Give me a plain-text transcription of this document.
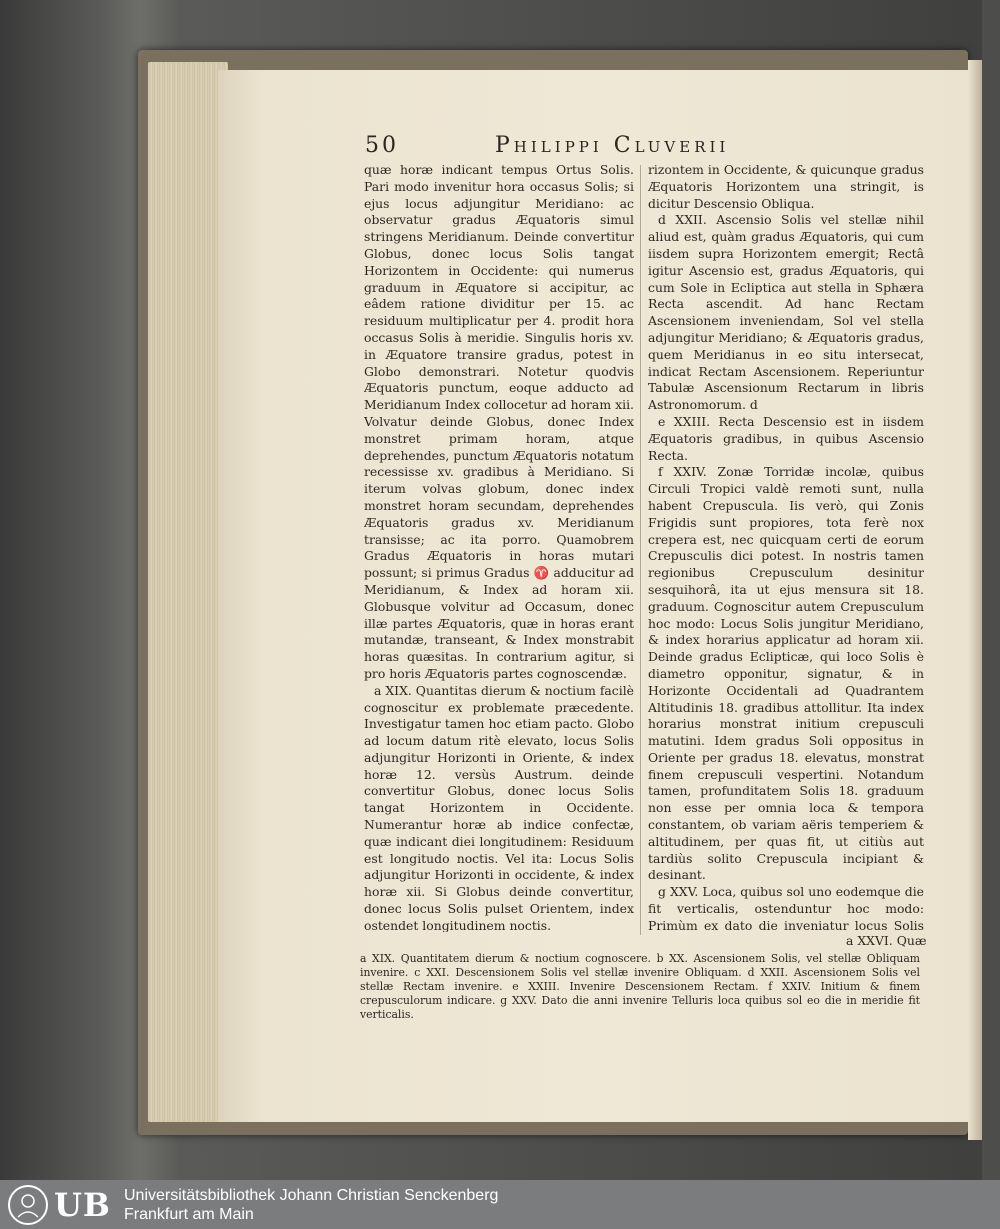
50	Philippi Cluverii

quæ horæ indicant tempus Ortus Solis. Pari modo invenitur hora occasus Solis; si ejus locus adjungitur Meridiano: ac observatur gradus Æquatoris simul stringens Meridianum. Deinde convertitur Globus, donec locus Solis tangat Horizontem in Occidente: qui numerus graduum in Æquatore si accipitur, ac eâdem ratione dividitur per 15. ac residuum multiplicatur per 4. prodit hora occasus Solis à meridie. Singulis horis xv. in Æquatore transire gradus, potest in Globo demonstrari. Notetur quodvis Æquatoris punctum, eoque adducto ad Meridianum Index collocetur ad horam xii. Volvatur deinde Globus, donec Index monstret primam horam, atque deprehendes, punctum Æquatoris notatum recessisse xv. gradibus à Meridiano. Si iterum volvas globum, donec index monstret horam secundam, deprehendes Æquatoris gradus xv. Meridianum transisse; ac ita porro. Quamobrem Gradus Æquatoris in horas mutari possunt; si primus Gradus ♈ adducitur ad Meridianum, & Index ad horam xii. Globusque volvitur ad Occasum, donec illæ partes Æquatoris, quæ in horas erant mutandæ, transeant, & Index monstrabit horas quæsitas. In contrarium agitur, si pro horis Æquatoris partes cognoscendæ.

a XIX. Quantitas dierum & noctium facilè cognoscitur ex problemate præcedente. Investigatur tamen hoc etiam pacto. Globo ad locum datum ritè elevato, locus Solis adjungitur Horizonti in Oriente, & index horæ 12. versùs Austrum. deinde convertitur Globus, donec locus Solis tangat Horizontem in Occidente. Numerantur horæ ab indice confectæ, quæ indicant diei longitudinem: Residuum est longitudo noctis. Vel ita: Locus Solis adjungitur Horizonti in occidente, & index horæ xii. Si Globus deinde convertitur, donec locus Solis pulset Orientem, index ostendet longitudinem noctis.

rizontem in Occidente, & quicunque gradus Æquatoris Horizontem una stringit, is dicitur Descensio Obliqua.

d XXII. Ascensio Solis vel stellæ nihil aliud est, quàm gradus Æquatoris, qui cum iisdem supra Horizontem emergit; Rectâ igitur Ascensio est, gradus Æquatoris, qui cum Sole in Ecliptica aut stella in Sphæra Recta ascendit. Ad hanc Rectam Ascensionem inveniendam, Sol vel stella adjungitur Meridiano; & Æquatoris gradus, quem Meridianus in eo situ intersecat, indicat Rectam Ascensionem. Reperiuntur Tabulæ Ascensionum Rectarum in libris Astronomorum. d

e XXIII. Recta Descensio est in iisdem Æquatoris gradibus, in quibus Ascensio Recta.

f XXIV. Zonæ Torridæ incolæ, quibus Circuli Tropici valdè remoti sunt, nulla habent Crepuscula. Iis verò, qui Zonis Frigidis sunt propiores, tota ferè nox crepera est, nec quicquam certi de eorum Crepusculis dici potest. In nostris tamen regionibus Crepusculum desinitur sesquihorâ, ita ut ejus mensura sit 18. graduum. Cognoscitur autem Crepusculum hoc modo: Locus Solis jungitur Meridiano, & index horarius applicatur ad horam xii. Deinde gradus Eclipticæ, qui loco Solis è diametro opponitur, signatur, & in Horizonte Occidentali ad Quadrantem Altitudinis 18. gradibus attollitur. Ita index horarius monstrat initium crepusculi matutini. Idem gradus Soli oppositus in Oriente per gradus 18. elevatus, monstrat finem crepusculi vespertini. Notandum tamen, profunditatem Solis 18. graduum non esse per omnia loca & tempora constantem, ob variam aëris temperiem & altitudinem, per quas fit, ut citiùs aut tardiùs solito Crepuscula incipiant & desinant.

g XXV. Loca, quibus sol uno eodemque die fit verticalis, ostenduntur hoc modo: Primùm ex dato die inveniatur locus Solis

a XXVI. Quæ
a XIX. Quantitatem dierum & noctium cognoscere. b XX. Ascensionem Solis, vel stellæ Obliquam invenire. c XXI. Descensionem Solis vel stellæ invenire Obliquam. d XXII. Ascensionem Solis vel stellæ Rectam invenire. e XXIII. Invenire Descensionem Rectam. f XXIV. Initium & finem crepusculorum indicare. g XXV. Dato die anni invenire Telluris loca quibus sol eo die in meridie fit verticalis.
UB Universitätsbibliothek Johann Christian Senckenberg
Frankfurt am Main
